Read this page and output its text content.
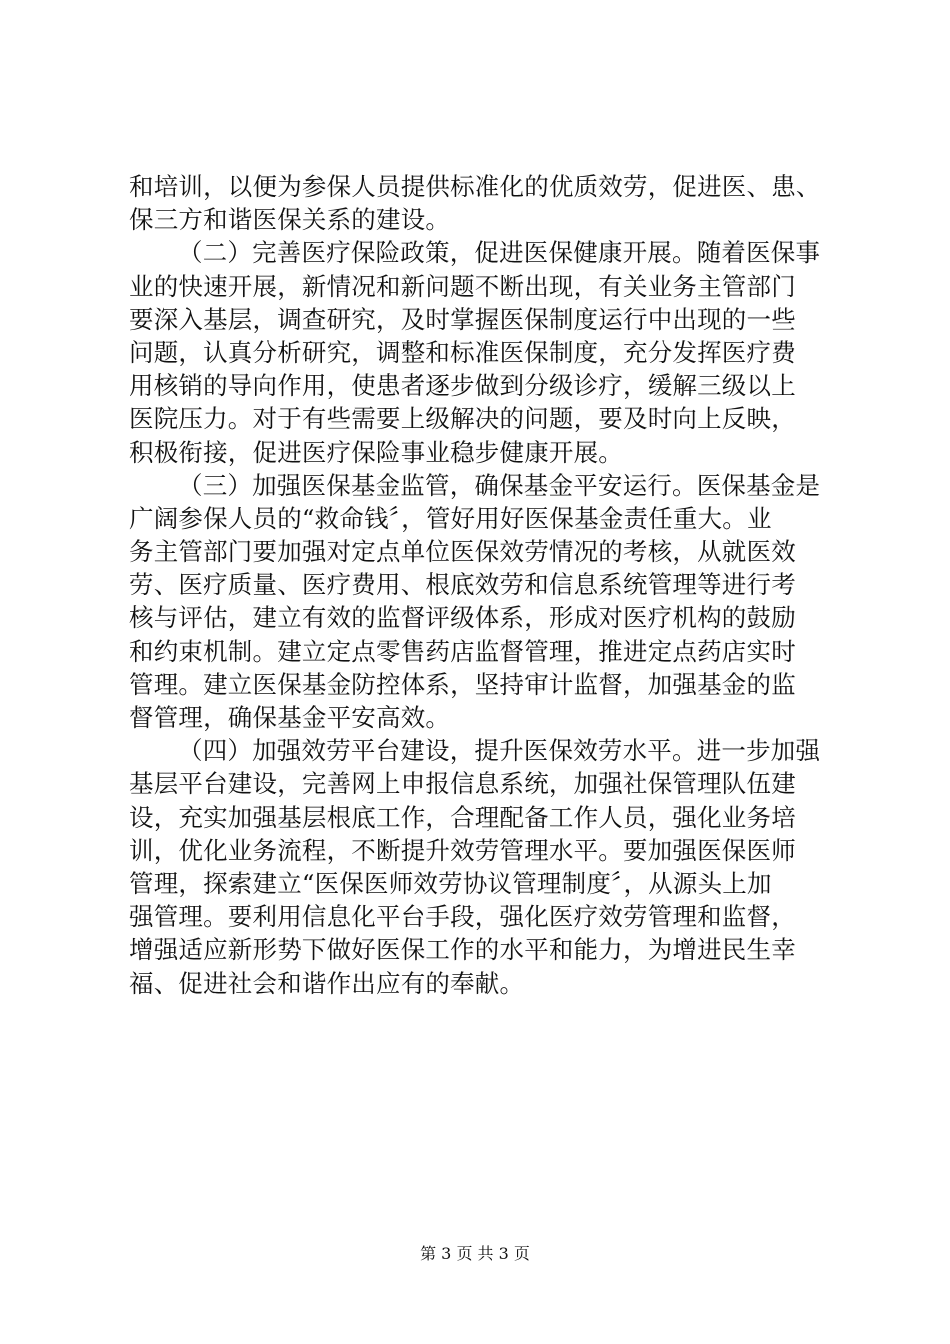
和培训，以便为参保人员提供标准化的优质效劳，促进医、患、
保三方和谐医保关系的建设。
（二）完善医疗保险政策，促进医保健康开展。随着医保事
业的快速开展，新情况和新问题不断出现，有关业务主管部门
要深入基层，调查研究，及时掌握医保制度运行中出现的一些
问题，认真分析研究，调整和标准医保制度，充分发挥医疗费
用核销的导向作用，使患者逐步做到分级诊疗，缓解三级以上
医院压力。对于有些需要上级解决的问题，要及时向上反映，
积极衔接，促进医疗保险事业稳步健康开展。
（三）加强医保基金监管，确保基金平安运行。医保基金是
广阔参保人员的“救命钱〞，管好用好医保基金责任重大。业
务主管部门要加强对定点单位医保效劳情况的考核，从就医效
劳、医疗质量、医疗费用、根底效劳和信息系统管理等进行考
核与评估，建立有效的监督评级体系，形成对医疗机构的鼓励
和约束机制。建立定点零售药店监督管理，推进定点药店实时
管理。建立医保基金防控体系，坚持审计监督，加强基金的监
督管理，确保基金平安高效。
（四）加强效劳平台建设，提升医保效劳水平。进一步加强
基层平台建设，完善网上申报信息系统，加强社保管理队伍建
设，充实加强基层根底工作，合理配备工作人员，强化业务培
训，优化业务流程，不断提升效劳管理水平。要加强医保医师
管理，探索建立“医保医师效劳协议管理制度〞，从源头上加
强管理。要利用信息化平台手段，强化医疗效劳管理和监督，
增强适应新形势下做好医保工作的水平和能力，为增进民生幸
福、促进社会和谐作出应有的奉献。
第 3 页 共 3 页
